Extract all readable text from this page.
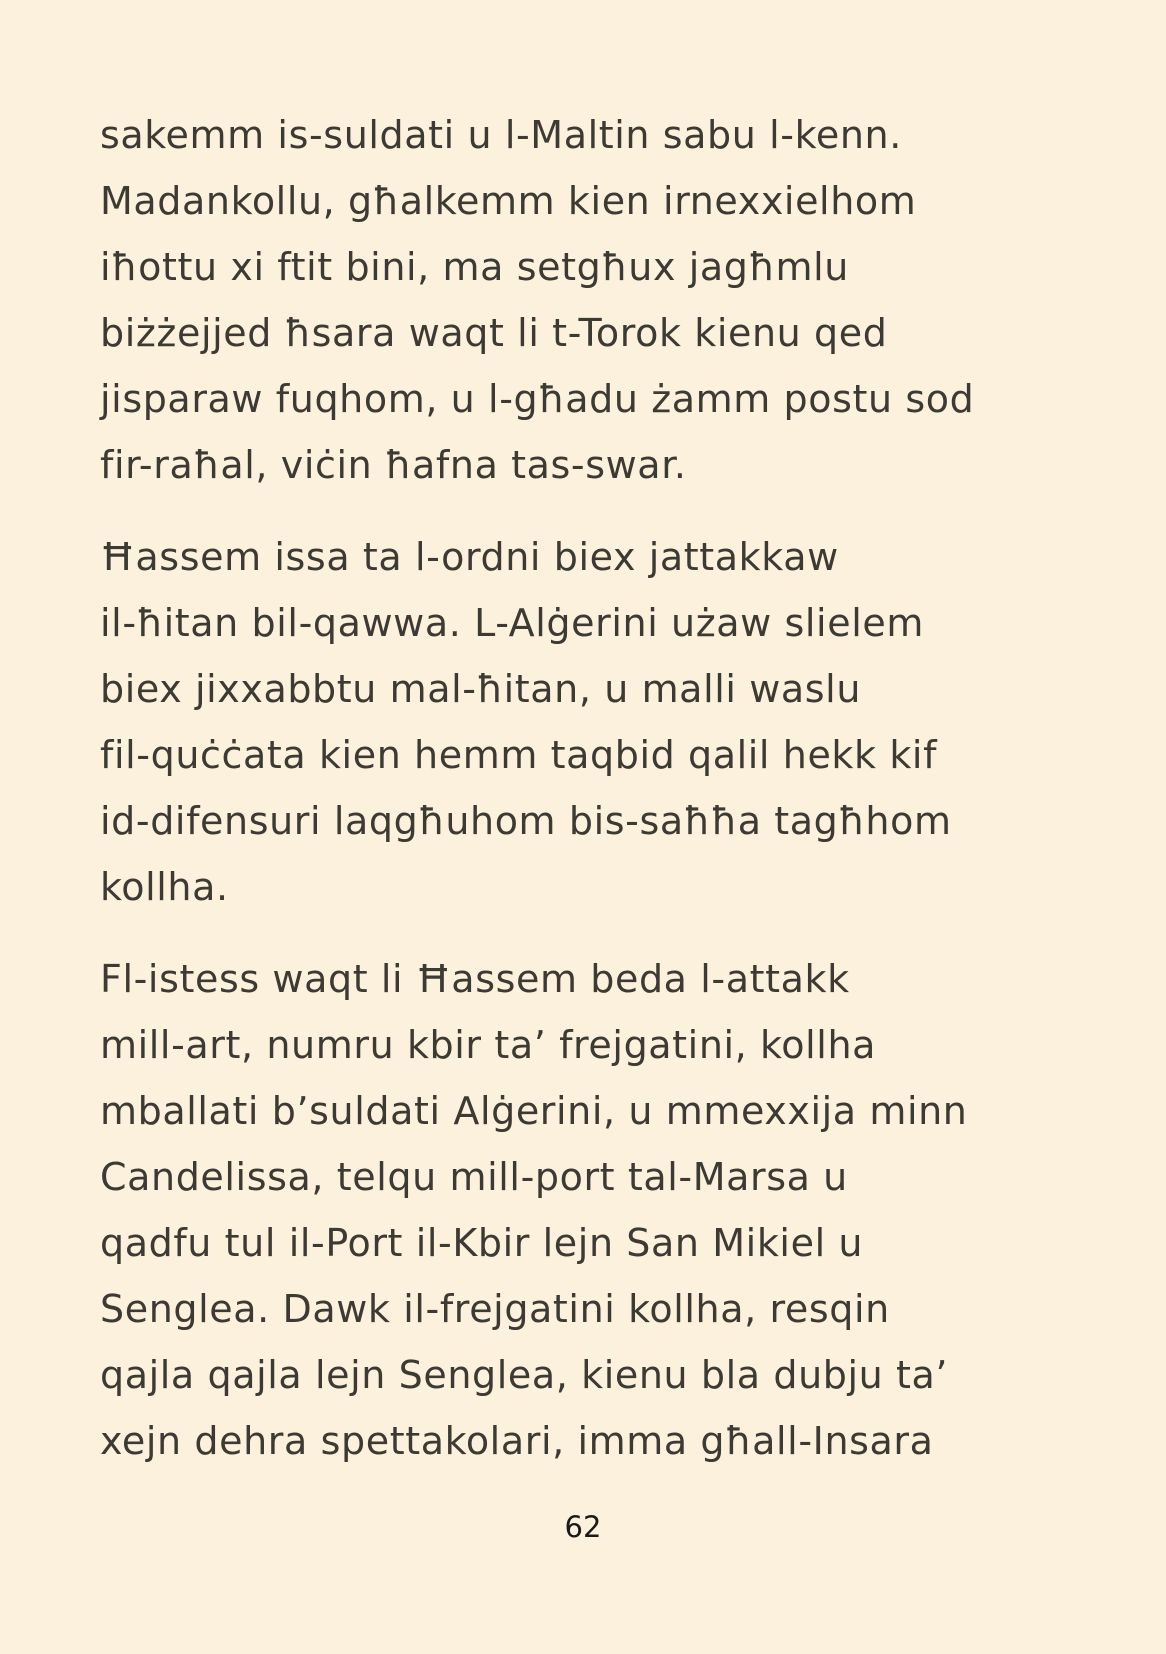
sakemm is-suldati u l-Maltin sabu l-kenn.
Madankollu, għalkemm kien irnexxielhom
iħottu xi ftit bini, ma setgħux jagħmlu
biżżejjed ħsara waqt li t-Torok kienu qed
jisparaw fuqhom, u l-għadu żamm postu sod
fir-raħal, viċin ħafna tas-swar.

Ħassem issa ta l-ordni biex jattakkaw
il-ħitan bil-qawwa. L-Alġerini użaw slielem
biex jixxabbtu mal-ħitan, u malli waslu
fil-quċċata kien hemm taqbid qalil hekk kif
id-difensuri laqgħuhom bis-saħħa tagħhom
kollha.

Fl-istess waqt li Ħassem beda l-attakk
mill-art, numru kbir ta’ frejgatini, kollha
mballati b’suldati Alġerini, u mmexxija minn
Candelissa, telqu mill-port tal-Marsa u
qadfu tul il-Port il-Kbir lejn San Mikiel u
Senglea. Dawk il-frejgatini kollha, resqin
qajla qajla lejn Senglea, kienu bla dubju ta’
xejn dehra spettakolari, imma għall-Insara

62
